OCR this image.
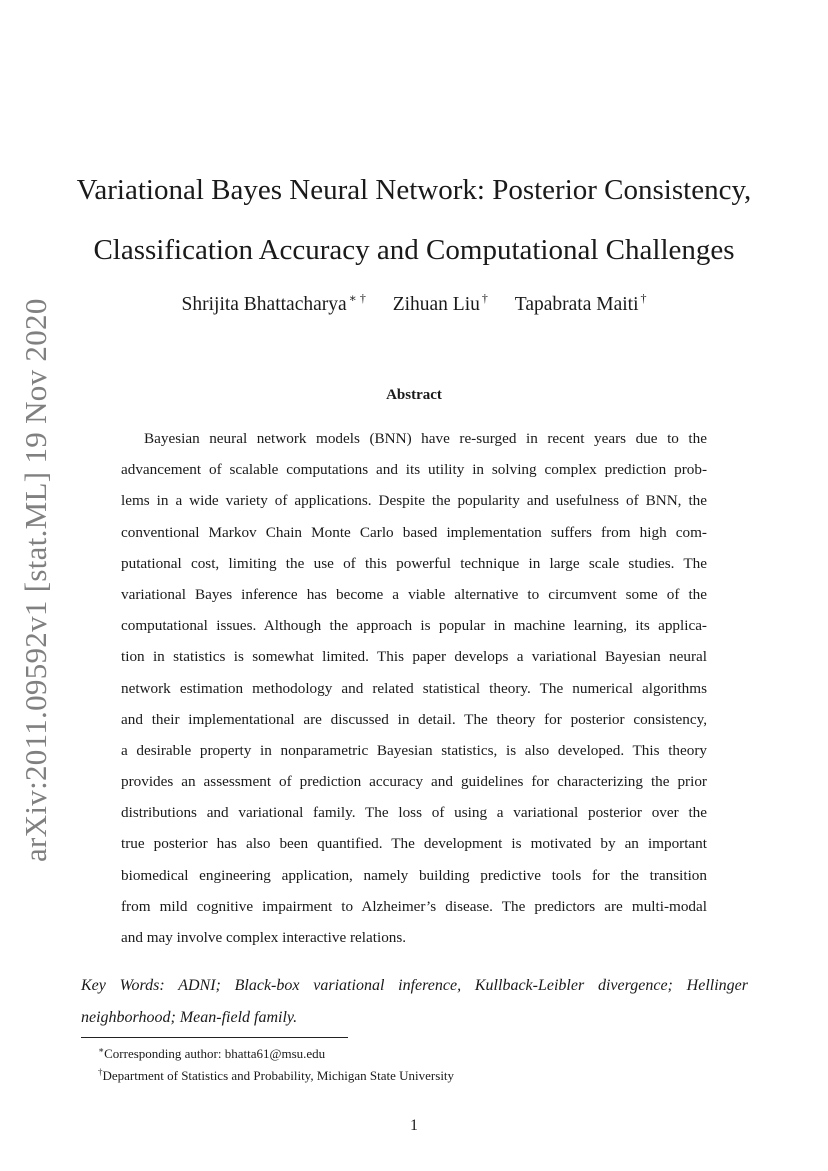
arXiv:2011.09592v1 [stat.ML] 19 Nov 2020
Variational Bayes Neural Network: Posterior Consistency,
Classification Accuracy and Computational Challenges
Shrijita Bhattacharya ∗ † Zihuan Liu † Tapabrata Maiti †
Abstract
Bayesian neural network models (BNN) have re-surged in recent years due to the
advancement of scalable computations and its utility in solving complex prediction prob-
lems in a wide variety of applications. Despite the popularity and usefulness of BNN, the
conventional Markov Chain Monte Carlo based implementation suffers from high com-
putational cost, limiting the use of this powerful technique in large scale studies. The
variational Bayes inference has become a viable alternative to circumvent some of the
computational issues. Although the approach is popular in machine learning, its applica-
tion in statistics is somewhat limited. This paper develops a variational Bayesian neural
network estimation methodology and related statistical theory. The numerical algorithms
and their implementational are discussed in detail. The theory for posterior consistency,
a desirable property in nonparametric Bayesian statistics, is also developed. This theory
provides an assessment of prediction accuracy and guidelines for characterizing the prior
distributions and variational family. The loss of using a variational posterior over the
true posterior has also been quantified. The development is motivated by an important
biomedical engineering application, namely building predictive tools for the transition
from mild cognitive impairment to Alzheimer’s disease. The predictors are multi-modal
and may involve complex interactive relations.
Key Words: ADNI; Black-box variational inference, Kullback-Leibler divergence; Hellinger
neighborhood; Mean-field family.
∗Corresponding author: bhatta61@msu.edu
†Department of Statistics and Probability, Michigan State University
1
